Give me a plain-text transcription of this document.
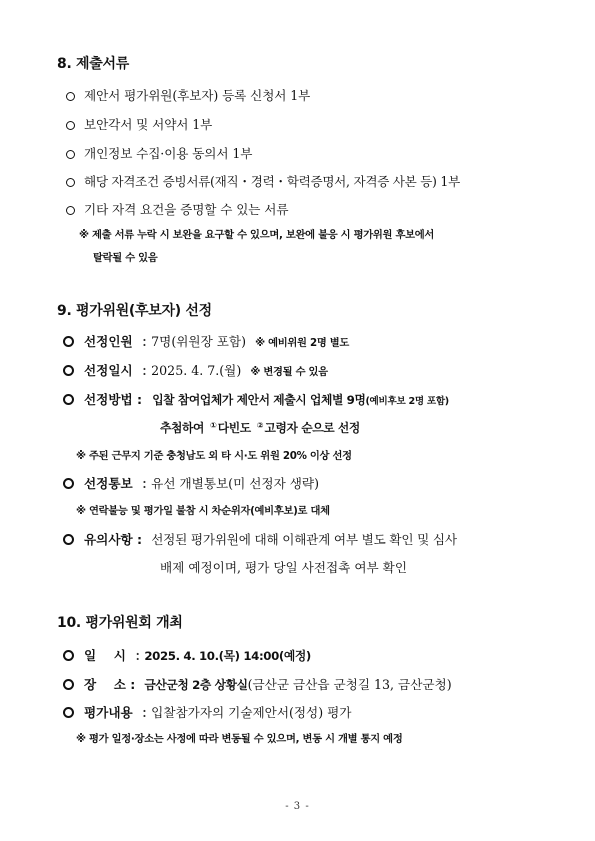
8. 제출서류
제안서 평가위원(후보자) 등록 신청서 1부
보안각서 및 서약서 1부
개인정보 수집·이용 동의서 1부
해당 자격조건 증빙서류(재직・경력・학력증명서, 자격증 사본 등) 1부
기타 자격 요건을 증명할 수 있는 서류
※ 제출 서류 누락 시 보완을 요구할 수 있으며, 보완에 불응 시 평가위원 후보에서
탈락될 수 있음
9. 평가위원(후보자) 선정
선정인원 : 7명(위원장 포함) ※ 예비위원 2명 별도
선정일시 : 2025. 4. 7.(월) ※ 변경될 수 있음
선정방법 : 입찰 참여업체가 제안서 제출시 업체별 9명(예비후보 2명 포함)
추첨하여 ①다빈도 ②고령자 순으로 선정
※ 주된 근무지 기준 충청남도 외 타 시·도 위원 20% 이상 선정
선정통보 : 유선 개별통보(미 선정자 생략)
※ 연락불능 및 평가일 불참 시 차순위자(예비후보)로 대체
유의사항 : 선정된 평가위원에 대해 이해관계 여부 별도 확인 및 심사
배제 예정이며, 평가 당일 사전접촉 여부 확인
10. 평가위원회 개최
일    시 : 2025. 4. 10.(목) 14:00(예정)
장    소 : 금산군청 2층 상황실(금산군 금산읍 군청길 13, 금산군청)
평가내용 : 입찰참가자의 기술제안서(정성) 평가
※ 평가 일정·장소는 사정에 따라 변동될 수 있으며, 변동 시 개별 통지 예정
- 3 -
